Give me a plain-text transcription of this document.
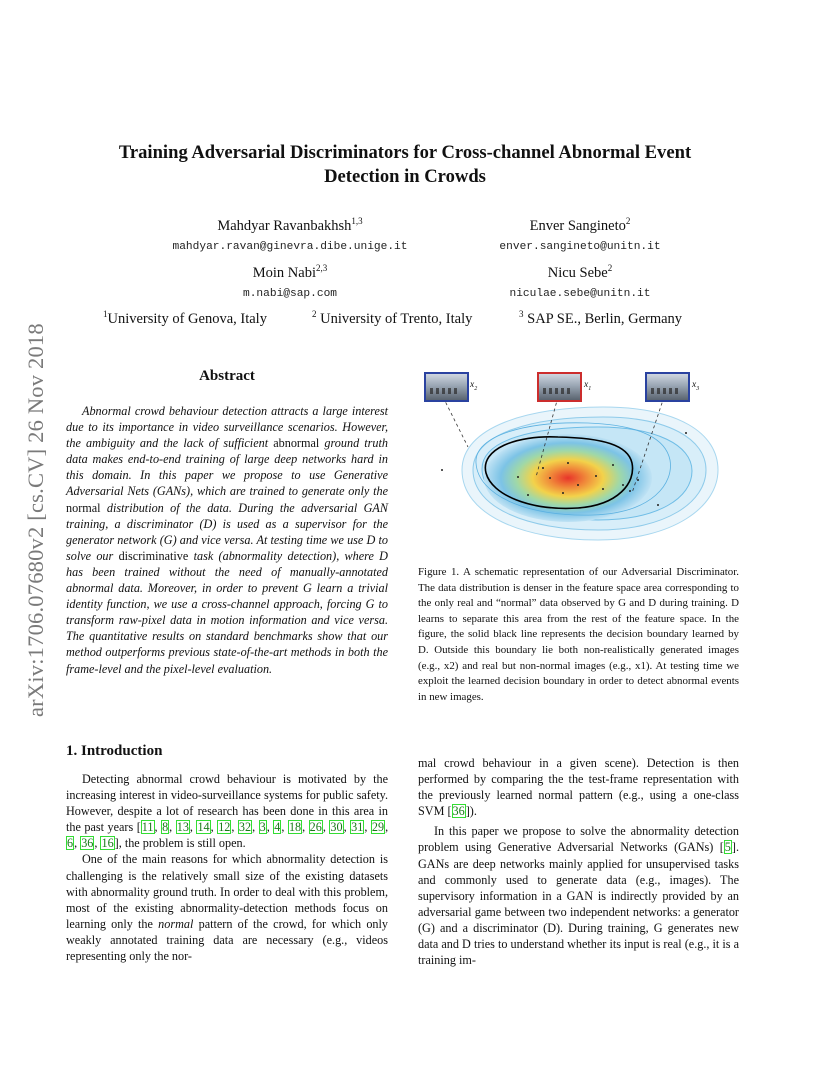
arXiv:1706.07680v2 [cs.CV] 26 Nov 2018
Training Adversarial Discriminators for Cross-channel Abnormal Event
Detection in Crowds
Mahdyar Ravanbakhsh$^{1,3}$
mahdyar.ravan@ginevra.dibe.unige.it
Enver Sangineto$^2$
enver.sangineto@unitn.it
Moin Nabi$^{2,3}$
m.nabi@sap.com
Nicu Sebe$^2$
niculae.sebe@unitn.it
$^1$University of Genova, Italy	$^2$ University of Trento, Italy	$^3$ SAP SE., Berlin, Germany
Abstract

Abnormal crowd behaviour detection attracts a large interest due to its importance in video surveillance scenarios. However, the ambiguity and the lack of sufficient abnormal ground truth data makes end-to-end training of large deep networks hard in this domain. In this paper we propose to use Generative Adversarial Nets (GANs), which are trained to generate only the normal distribution of the data. During the adversarial GAN training, a discriminator (D) is used as a supervisor for the generator network (G) and vice versa. At testing time we use D to solve our discriminative task (abnormality detection), where D has been trained without the need of manually-annotated abnormal data. Moreover, in order to prevent G learn a trivial identity function, we use a cross-channel approach, forcing G to transform raw-pixel data in motion information and vice versa. The quantitative results on standard benchmarks show that our method outperforms previous state-of-the-art methods in both the frame-level and the pixel-level evaluation.

$x_2$	$x_1$	$x_3$
Figure 1. A schematic representation of our Adversarial Discriminator. The data distribution is denser in the feature space area corresponding to the only real and “normal” data observed by G and D during training. D learns to separate this area from the rest of the feature space. In the figure, the solid black line represents the decision boundary learned by D. Outside this boundary lie both non-realistically generated images (e.g., x2) and real but non-normal images (e.g., x1). At testing time we exploit the learned decision boundary in order to detect abnormal events in new images.
1. Introduction

Detecting abnormal crowd behaviour is motivated by the increasing interest in video-surveillance systems for public safety. However, despite a lot of research has been done in this area in the past years [11, 8, 13, 14, 12, 32, 3, 4, 18, 26, 30, 31, 29, 6, 36, 16], the problem is still open.

One of the main reasons for which abnormality detection is challenging is the relatively small size of the existing datasets with abnormality ground truth. In order to deal with this problem, most of the existing abnormality-detection methods focus on learning only the normal pattern of the crowd, for which only weakly annotated training data are necessary (e.g., videos representing only the nor-

mal crowd behaviour in a given scene). Detection is then performed by comparing the the test-frame representation with the previously learned normal pattern (e.g., using a one-class SVM [36]).

In this paper we propose to solve the abnormality detection problem using Generative Adversarial Networks (GANs) [5]. GANs are deep networks mainly applied for unsupervised tasks and commonly used to generate data (e.g., images). The supervisory information in a GAN is indirectly provided by an adversarial game between two independent networks: a generator (G) and a discriminator (D). During training, G generates new data and D tries to understand whether its input is real (e.g., it is a training im-
